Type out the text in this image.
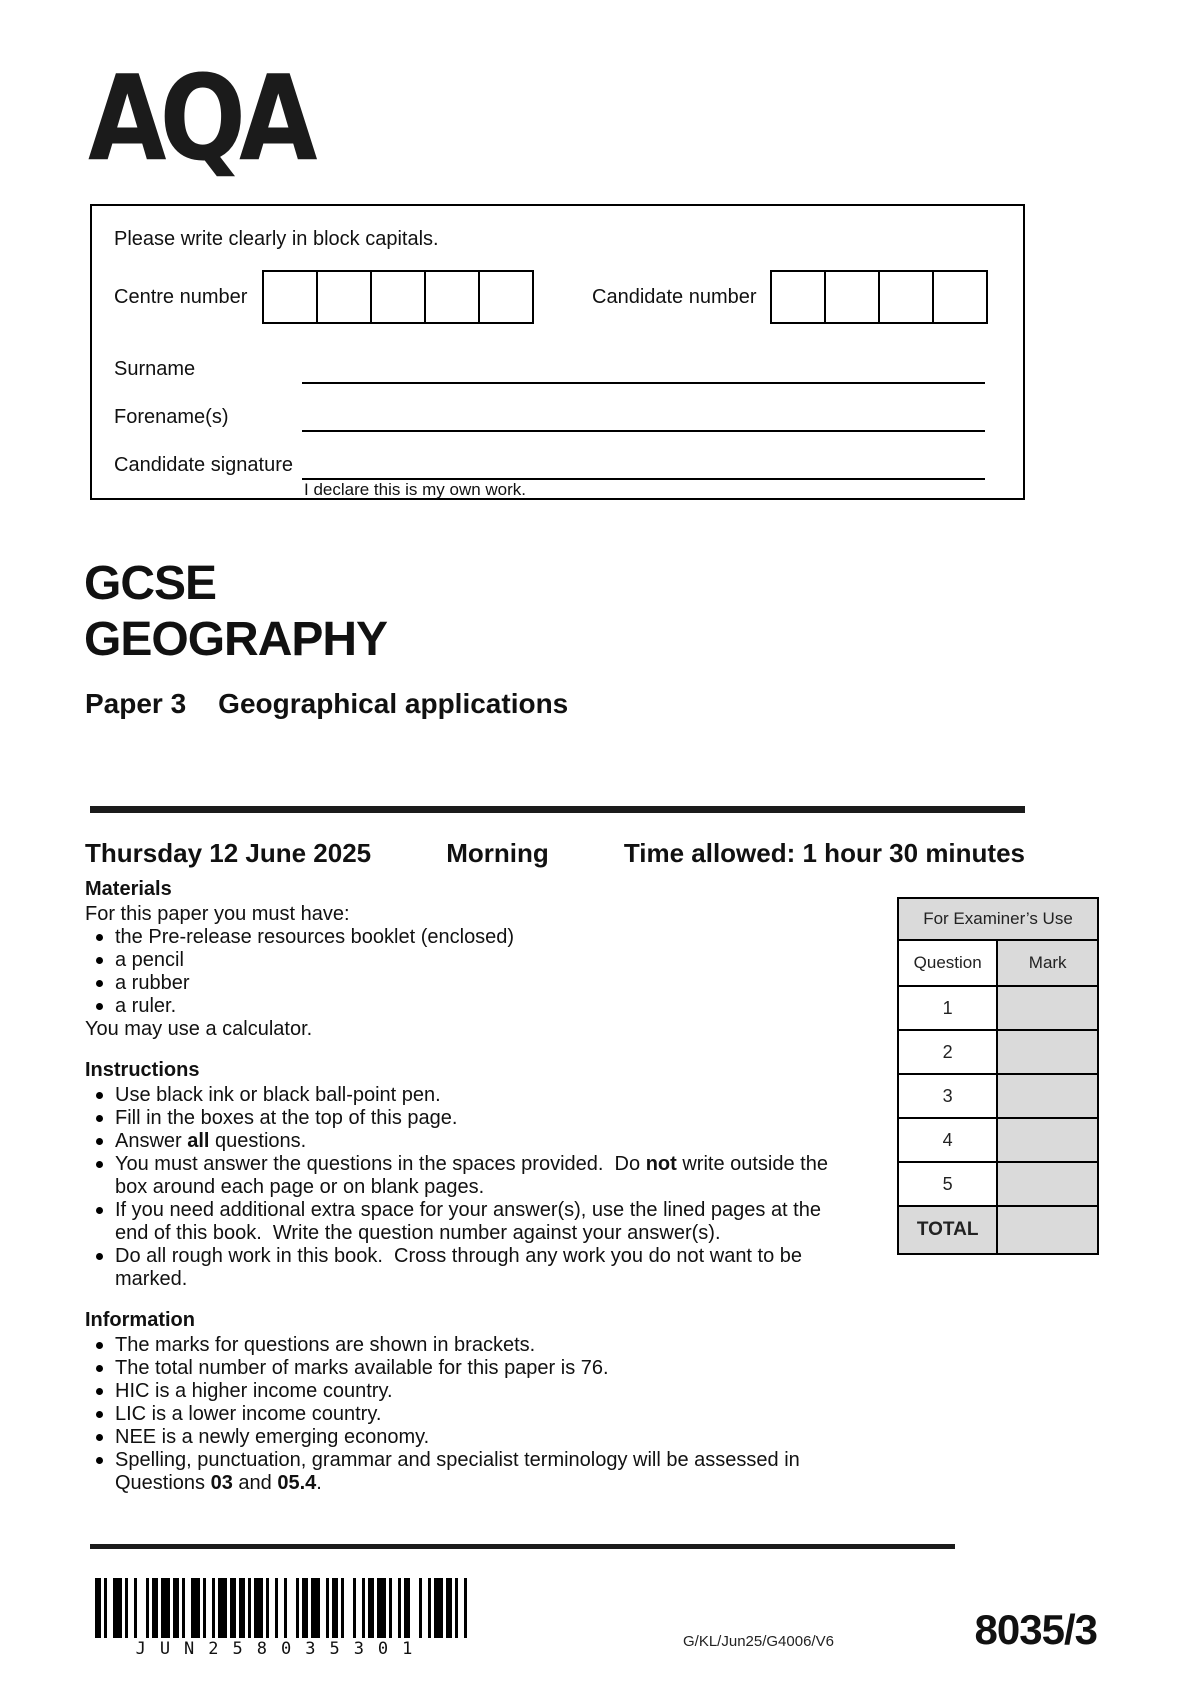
AQA
Please write clearly in block capitals.
Centre number	Candidate number
Surname
Forename(s)
Candidate signature
I declare this is my own work.
GCSE
GEOGRAPHY
Paper 3 Geographical applications
Thursday 12 June 2025	Morning	Time allowed: 1 hour 30 minutes
Materials

For this paper you must have:

the Pre-release resources booklet (enclosed)
a pencil
a rubber
a ruler.

You may use a calculator.

Instructions
Use black ink or black ball-point pen.
Fill in the boxes at the top of this page.
Answer all questions.
You must answer the questions in the spaces provided.  Do not write outside the box around each page or on blank pages.
If you need additional extra space for your answer(s), use the lined pages at the end of this book.  Write the question number against your answer(s).
Do all rough work in this book.  Cross through any work you do not want to be marked.
Information
The marks for questions are shown in brackets.
The total number of marks available for this paper is 76.
HIC is a higher income country.
LIC is a lower income country.
NEE is a newly emerging economy.
Spelling, punctuation, grammar and specialist terminology will be assessed in Questions 03 and 05.4.
For Examiner’s Use	
Question	Mark
1	
2	
3	
4	
5	
TOTAL	
JUN258035301	G/KL/Jun25/G4006/V6	8035/3
